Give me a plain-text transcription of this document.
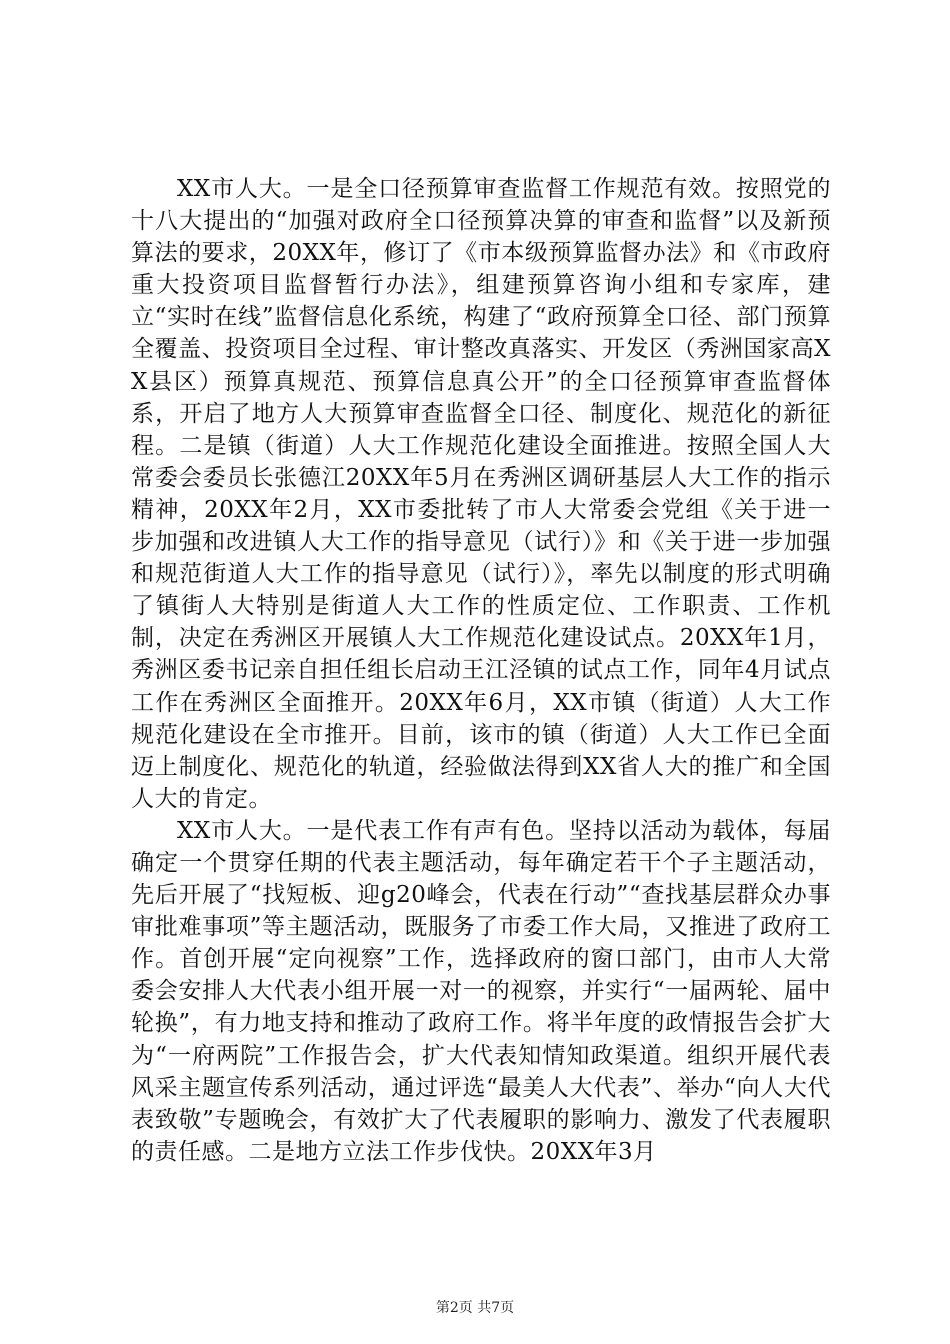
XX市人大。一是全口径预算审查监督工作规范有效。按照党的十八大提出的“加强对政府全口径预算决算的审查和监督”以及新预算法的要求，20XX年，修订了《市本级预算监督办法》和《市政府重大投资项目监督暂行办法》，组建预算咨询小组和专家库，建立“实时在线”监督信息化系统，构建了“政府预算全口径、部门预算全覆盖、投资项目全过程、审计整改真落实、开发区（秀洲国家高XX县区）预算真规范、预算信息真公开”的全口径预算审查监督体系，开启了地方人大预算审查监督全口径、制度化、规范化的新征程。二是镇（街道）人大工作规范化建设全面推进。按照全国人大常委会委员长张德江20XX年5月在秀洲区调研基层人大工作的指示精神，20XX年2月，XX市委批转了市人大常委会党组《关于进一步加强和改进镇人大工作的指导意见（试行）》和《关于进一步加强和规范街道人大工作的指导意见（试行）》，率先以制度的形式明确了镇街人大特别是街道人大工作的性质定位、工作职责、工作机制，决定在秀洲区开展镇人大工作规范化建设试点。20XX年1月，秀洲区委书记亲自担任组长启动王江泾镇的试点工作，同年4月试点工作在秀洲区全面推开。20XX年6月，XX市镇（街道）人大工作规范化建设在全市推开。目前，该市的镇（街道）人大工作已全面迈上制度化、规范化的轨道，经验做法得到XX省人大的推广和全国人大的肯定。

XX市人大。一是代表工作有声有色。坚持以活动为载体，每届确定一个贯穿任期的代表主题活动，每年确定若干个子主题活动，先后开展了“找短板、迎g20峰会，代表在行动”“查找基层群众办事审批难事项”等主题活动，既服务了市委工作大局，又推进了政府工作。首创开展“定向视察”工作，选择政府的窗口部门，由市人大常委会安排人大代表小组开展一对一的视察，并实行“一届两轮、届中轮换”，有力地支持和推动了政府工作。将半年度的政情报告会扩大为“一府两院”工作报告会，扩大代表知情知政渠道。组织开展代表风采主题宣传系列活动，通过评选“最美人大代表”、举办“向人大代表致敬”专题晚会，有效扩大了代表履职的影响力、激发了代表履职的责任感。二是地方立法工作步伐快。20XX年3月

第2页 共7页
